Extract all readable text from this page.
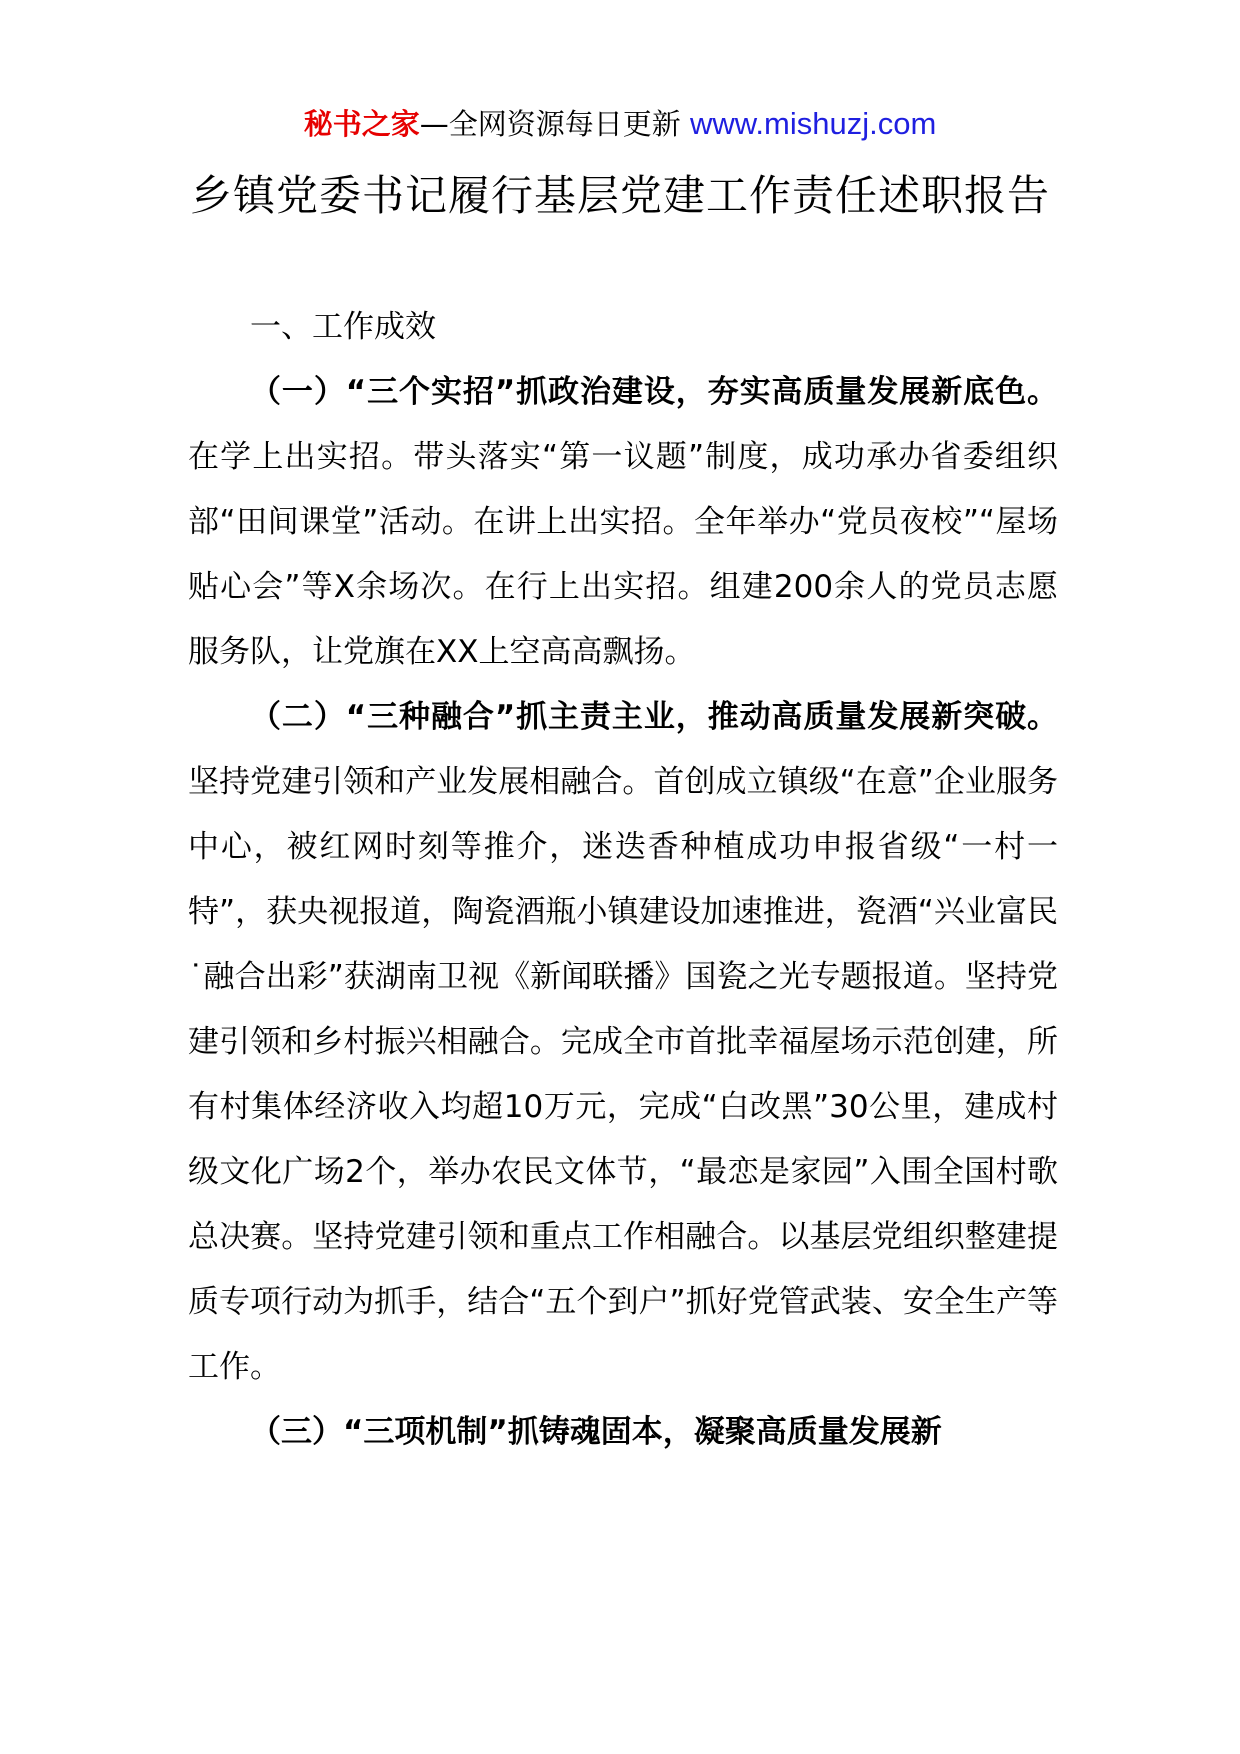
秘书之家—全网资源每日更新 www.mishuzj.com
乡镇党委书记履行基层党建工作责任述职报告

一、工作成效

（一）“三个实招”抓政治建设，夯实高质量发展新底色。在学上出实招。带头落实“第一议题”制度，成功承办省委组织部“田间课堂”活动。在讲上出实招。全年举办“党员夜校”“屋场贴心会”等X余场次。在行上出实招。组建200余人的党员志愿服务队，让党旗在XX上空高高飘扬。

（二）“三种融合”抓主责主业，推动高质量发展新突破。坚持党建引领和产业发展相融合。首创成立镇级“在意”企业服务中心，被红网时刻等推介，迷迭香种植成功申报省级“一村一特”，获央视报道，陶瓷酒瓶小镇建设加速推进，瓷酒“兴业富民˙融合出彩”获湖南卫视《新闻联播》国瓷之光专题报道。坚持党建引领和乡村振兴相融合。完成全市首批幸福屋场示范创建，所有村集体经济收入均超10万元，完成“白改黑”30公里，建成村级文化广场2个，举办农民文体节，“最恋是家园”入围全国村歌总决赛。坚持党建引领和重点工作相融合。以基层党组织整建提质专项行动为抓手，结合“五个到户”抓好党管武装、安全生产等工作。

（三）“三项机制”抓铸魂固本，凝聚高质量发展新
